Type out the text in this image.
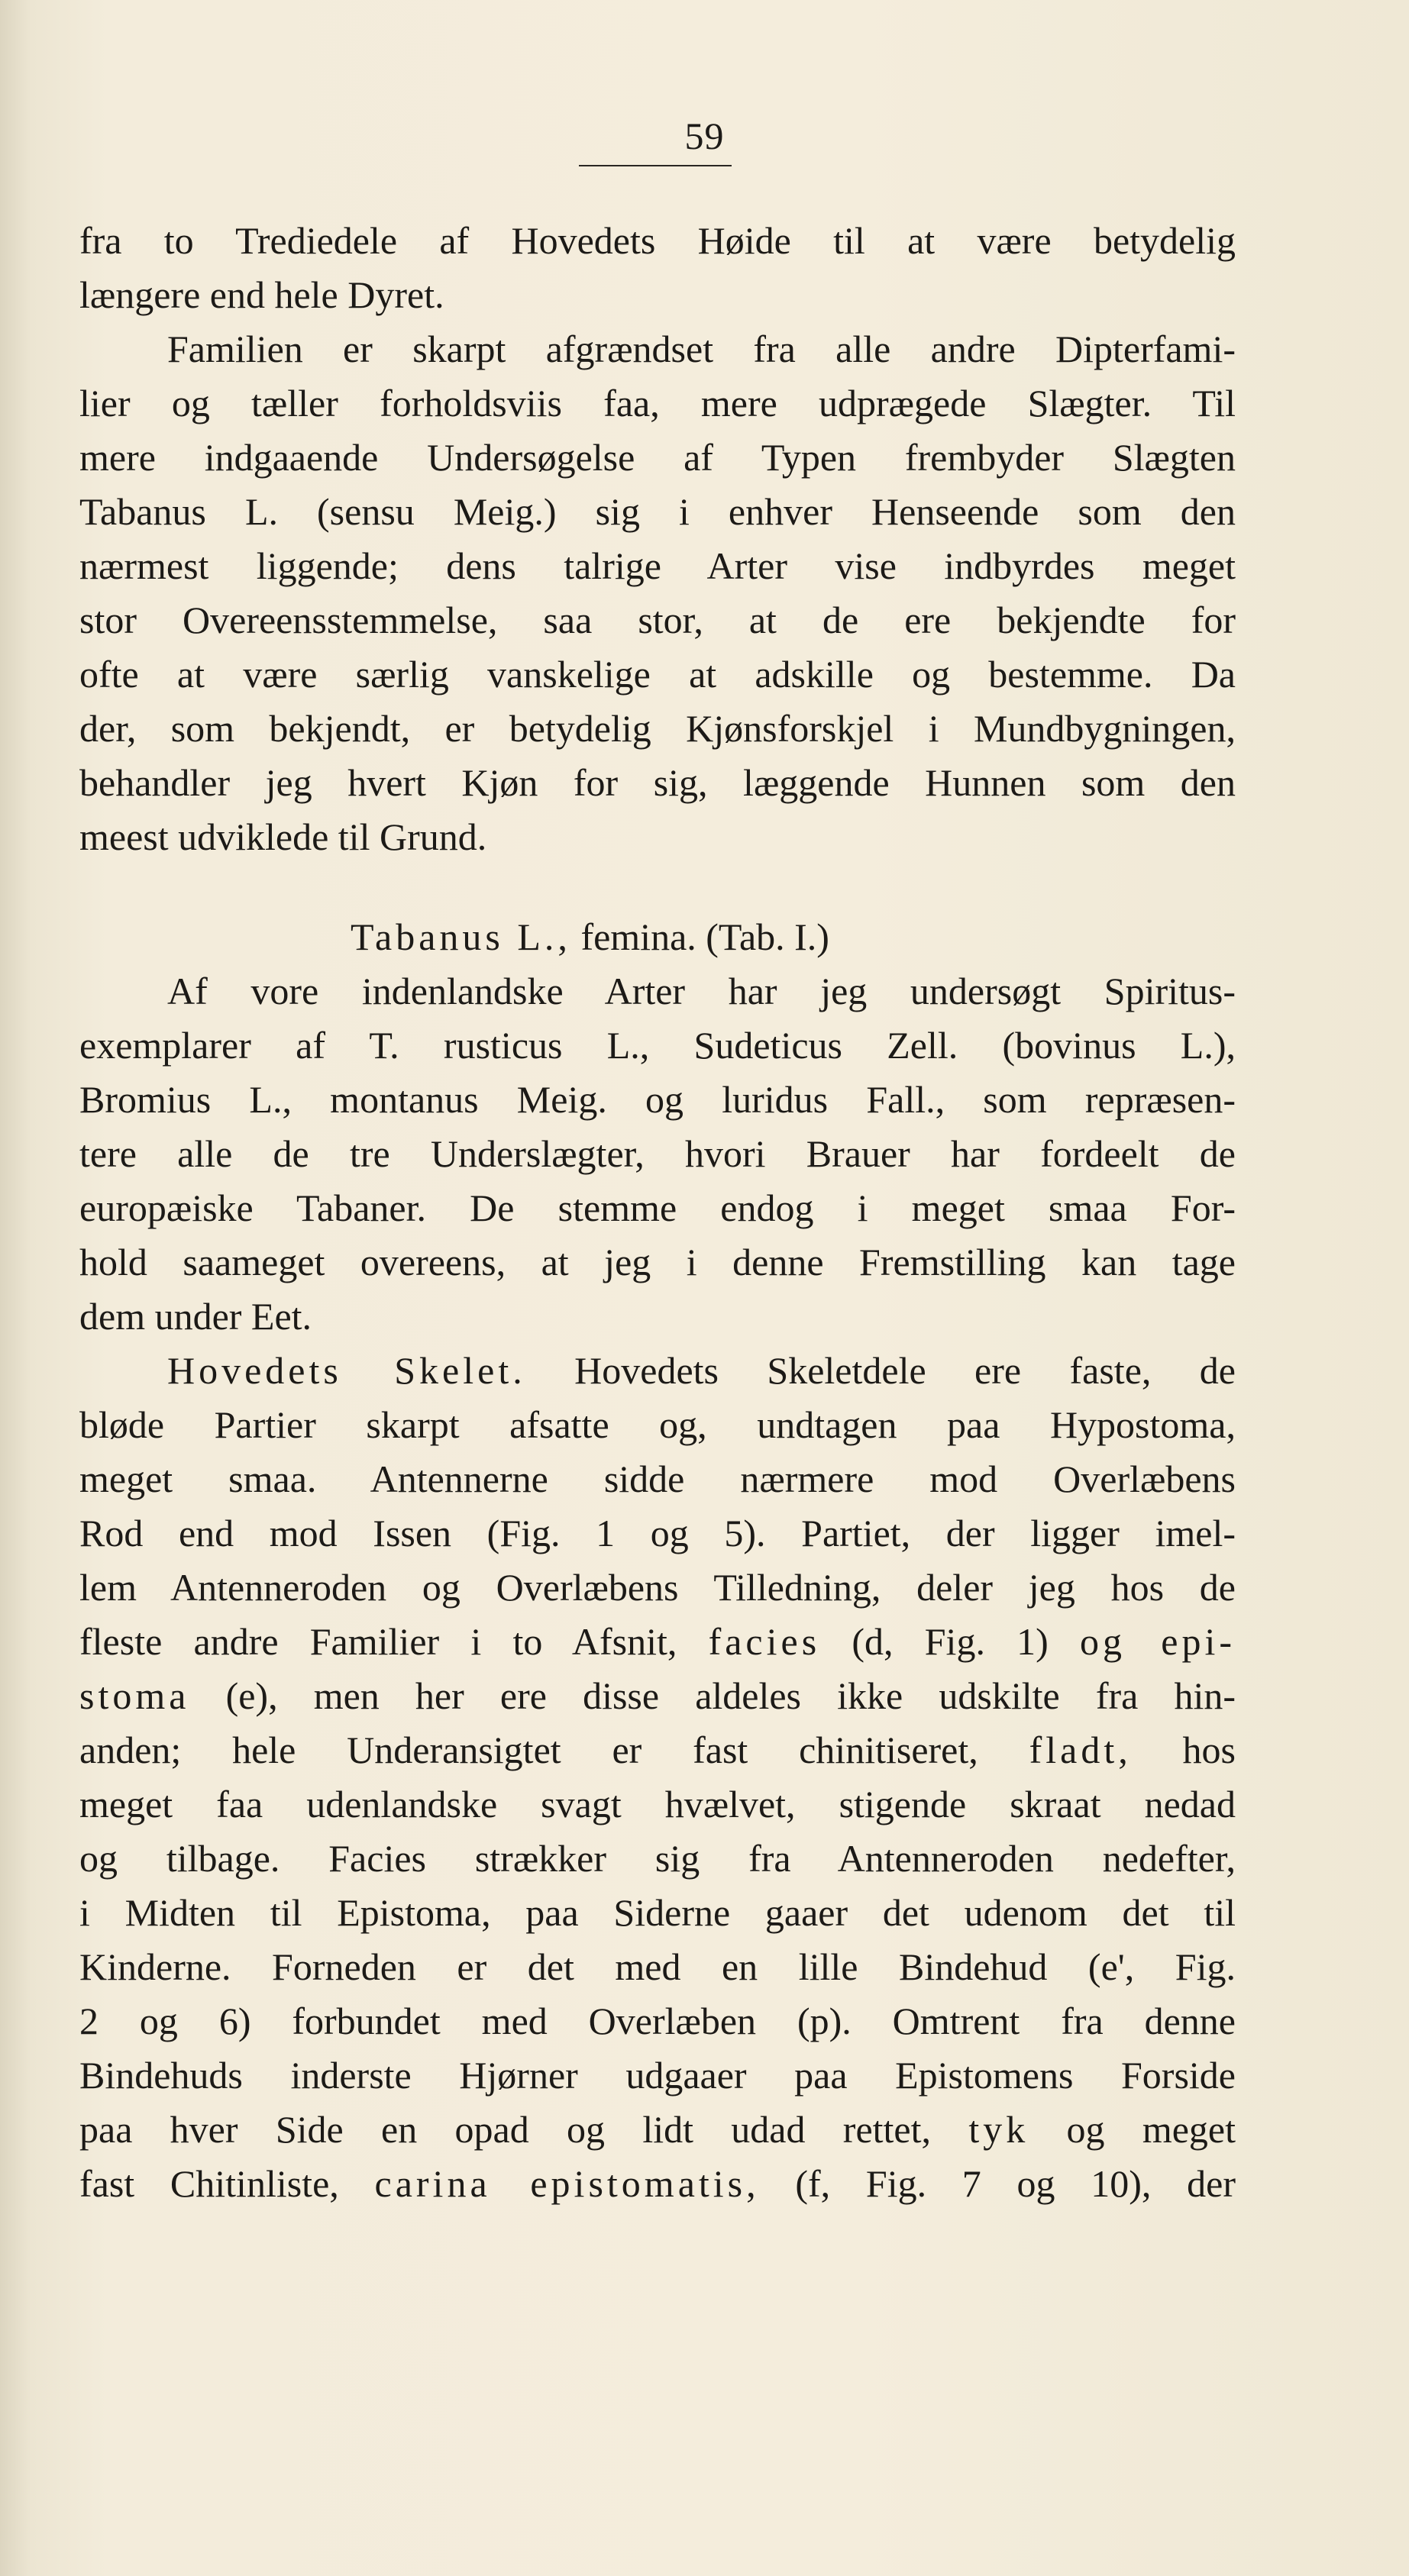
59
fra to Trediedele af Hovedets Høide til at være betydelig
længere end hele Dyret.
Familien er skarpt afgrændset fra alle andre Dipterfami-
lier og tæller forholdsviis faa, mere udprægede Slægter. Til
mere indgaaende Undersøgelse af Typen frembyder Slægten
Tabanus L. (sensu Meig.) sig i enhver Henseende som den
nærmest liggende; dens talrige Arter vise indbyrdes meget
stor Overeensstemmelse, saa stor, at de ere bekjendte for
ofte at være særlig vanskelige at adskille og bestemme. Da
der, som bekjendt, er betydelig Kjønsforskjel i Mundbygningen,
behandler jeg hvert Kjøn for sig, læggende Hunnen som den
meest udviklede til Grund.
Tabanus L., femina. (Tab. I.)
Af vore indenlandske Arter har jeg undersøgt Spiritus-
exemplarer af T. rusticus L., Sudeticus Zell. (bovinus L.),
Bromius L., montanus Meig. og luridus Fall., som repræsen-
tere alle de tre Underslægter, hvori Brauer har fordeelt de
europæiske Tabaner. De stemme endog i meget smaa For-
hold saameget overeens, at jeg i denne Fremstilling kan tage
dem under Eet.
Hovedets Skelet. Hovedets Skeletdele ere faste, de
bløde Partier skarpt afsatte og, undtagen paa Hypostoma,
meget smaa. Antennerne sidde nærmere mod Overlæbens
Rod end mod Issen (Fig. 1 og 5). Partiet, der ligger imel-
lem Antenneroden og Overlæbens Tilledning, deler jeg hos de
fleste andre Familier i to Afsnit, facies (d, Fig. 1) og epi-
stoma (e), men her ere disse aldeles ikke udskilte fra hin-
anden; hele Underansigtet er fast chinitiseret, fladt, hos
meget faa udenlandske svagt hvælvet, stigende skraat nedad
og tilbage. Facies strækker sig fra Antenneroden nedefter,
i Midten til Epistoma, paa Siderne gaaer det udenom det til
Kinderne. Forneden er det med en lille Bindehud (e', Fig.
2 og 6) forbundet med Overlæben (p). Omtrent fra denne
Bindehuds inderste Hjørner udgaaer paa Epistomens Forside
paa hver Side en opad og lidt udad rettet, tyk og meget
fast Chitinliste, carina epistomatis, (f, Fig. 7 og 10), der
